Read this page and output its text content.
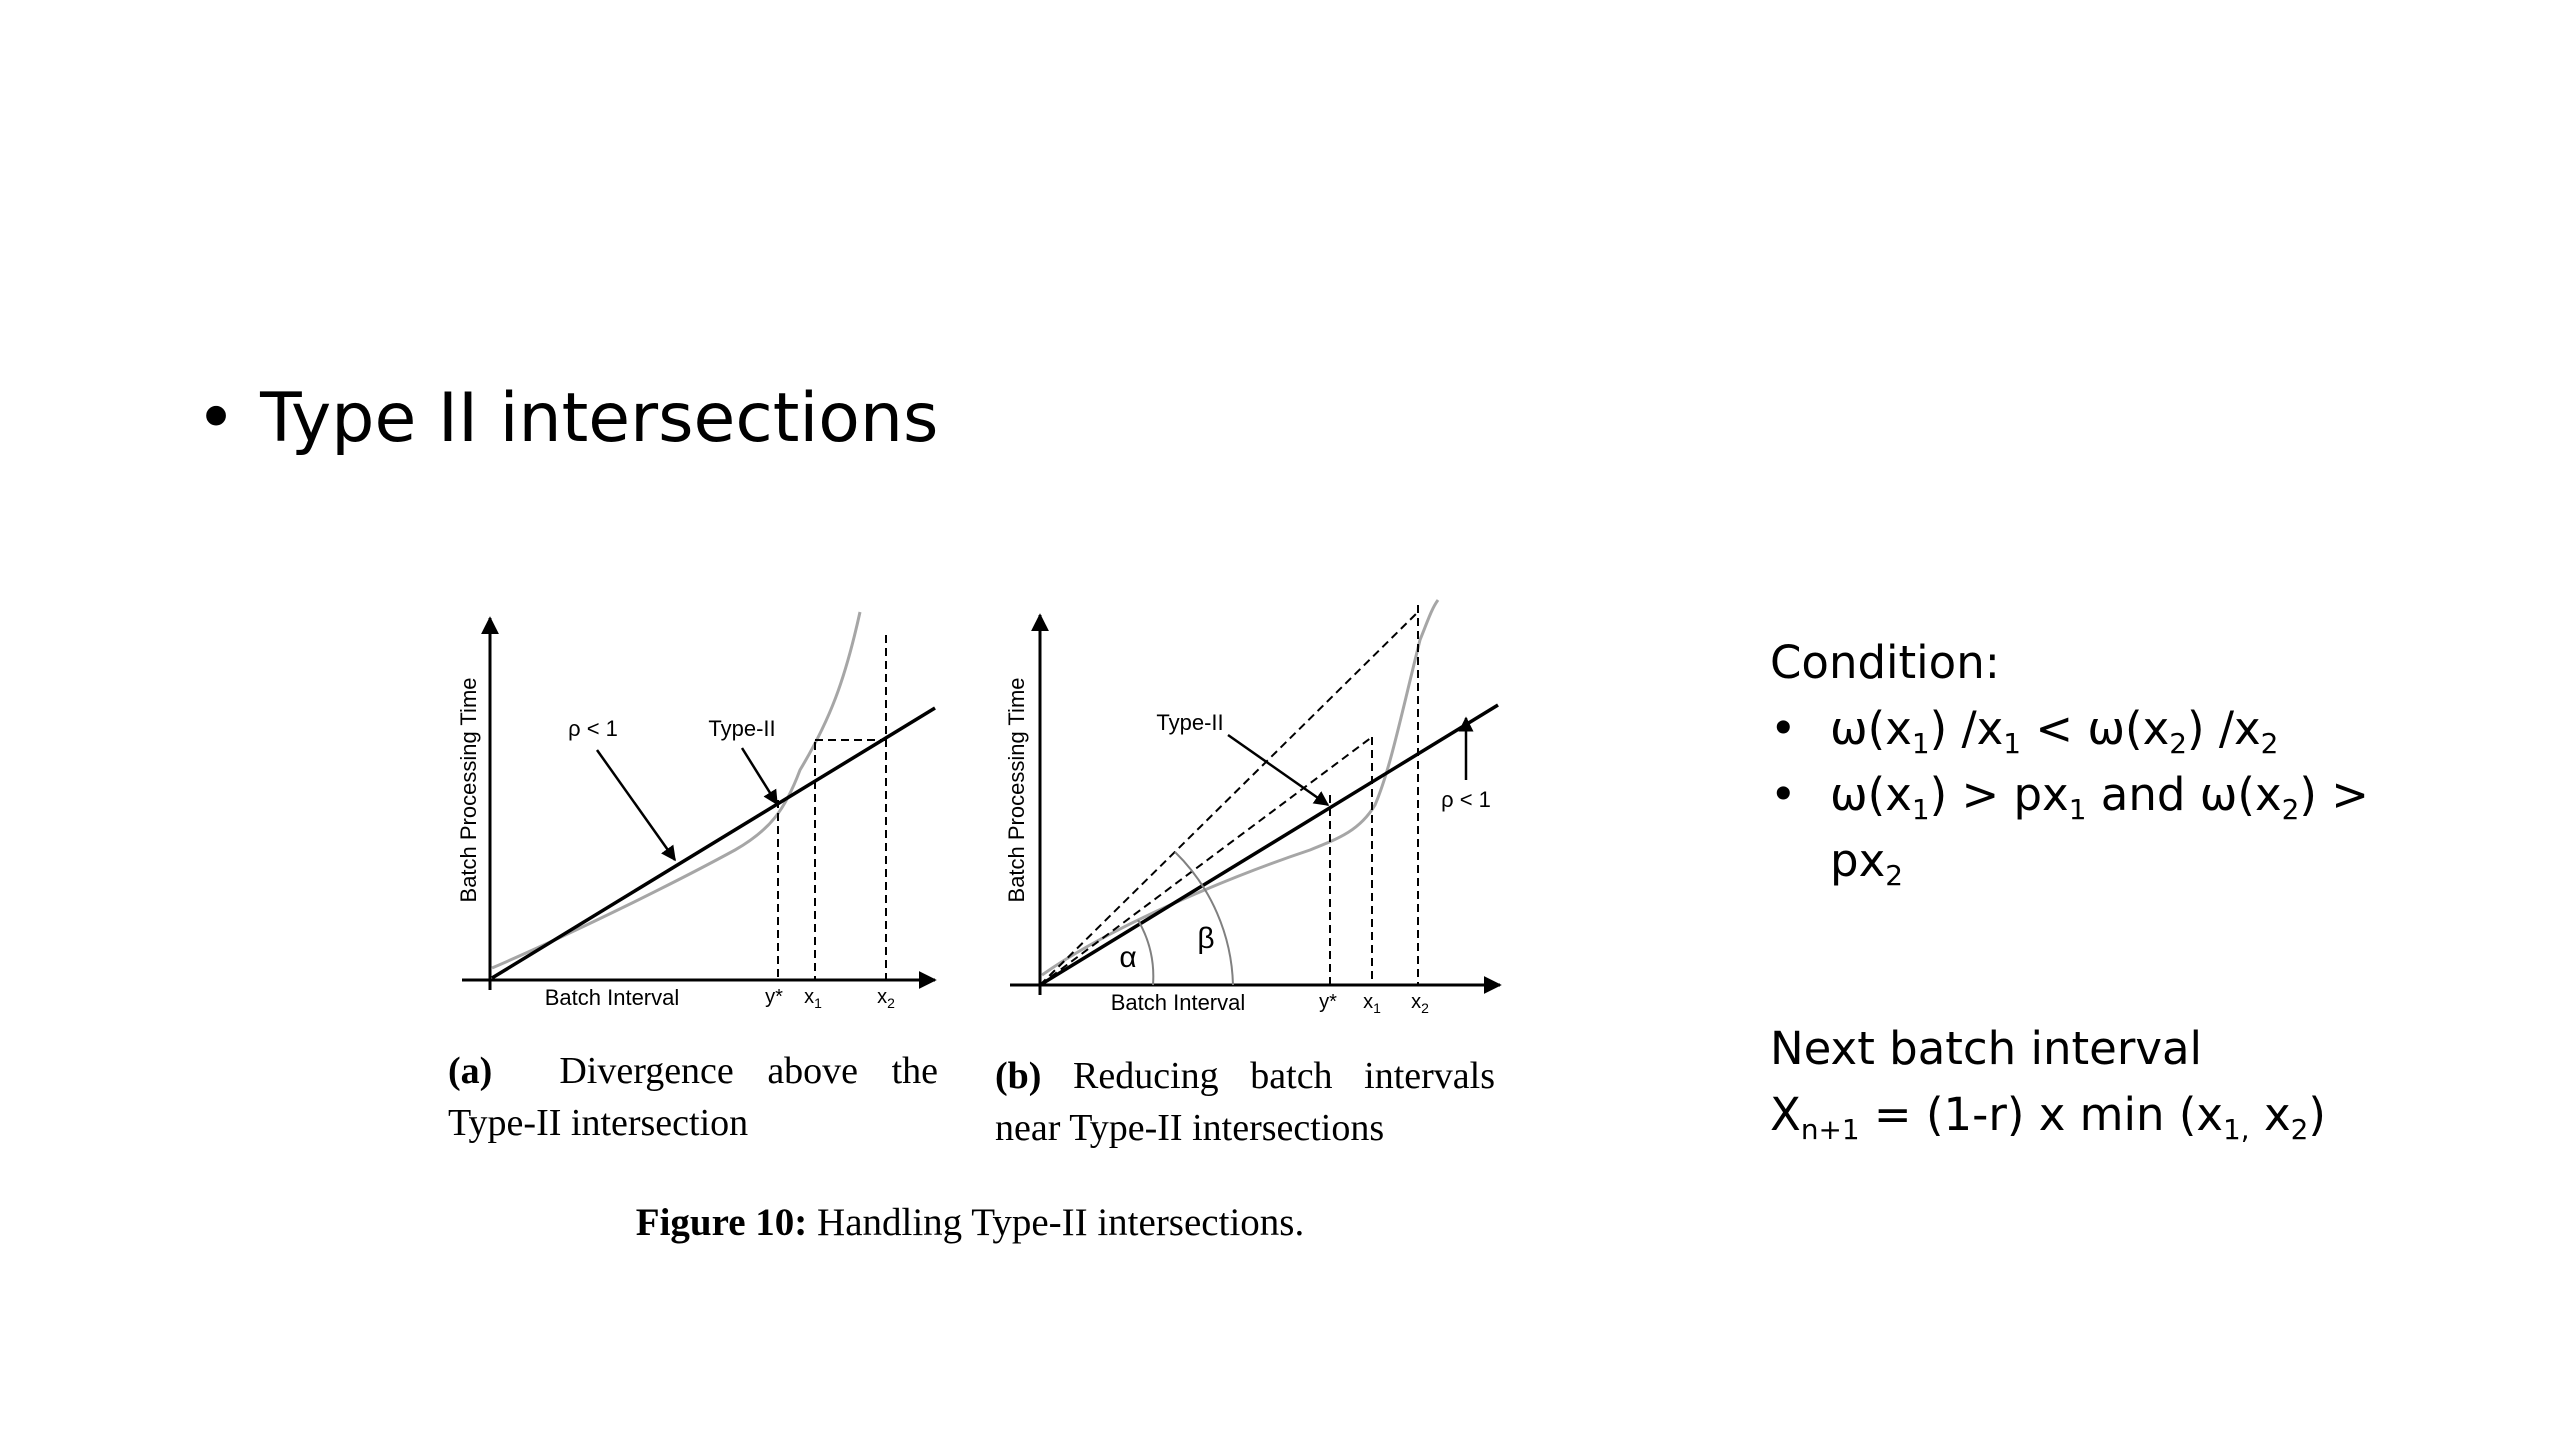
• Type II intersections
Batch Processing Time
Batch Interval
ρ < 1	Type-II
y* $x_1$	$x_2$
Batch Processing Time
Batch Interval
Type-II
ρ < 1
α
β
y* $x_1$ $x_2$
(a) Divergence above the Type-II intersection
(b) Reducing batch intervals near Type-II intersections
Figure 10: Handling Type-II intersections.
Condition:
• $\omega(x_1) /x_1 < \omega(x_2)$ $/x_2$
• $\omega(x_1) > px_1$ and $\omega(x_2)$ >
$px_2$
Next batch interval
$X_{n+1} = (1-r)$ x $\min (x_{1,}$ $x_2$)
